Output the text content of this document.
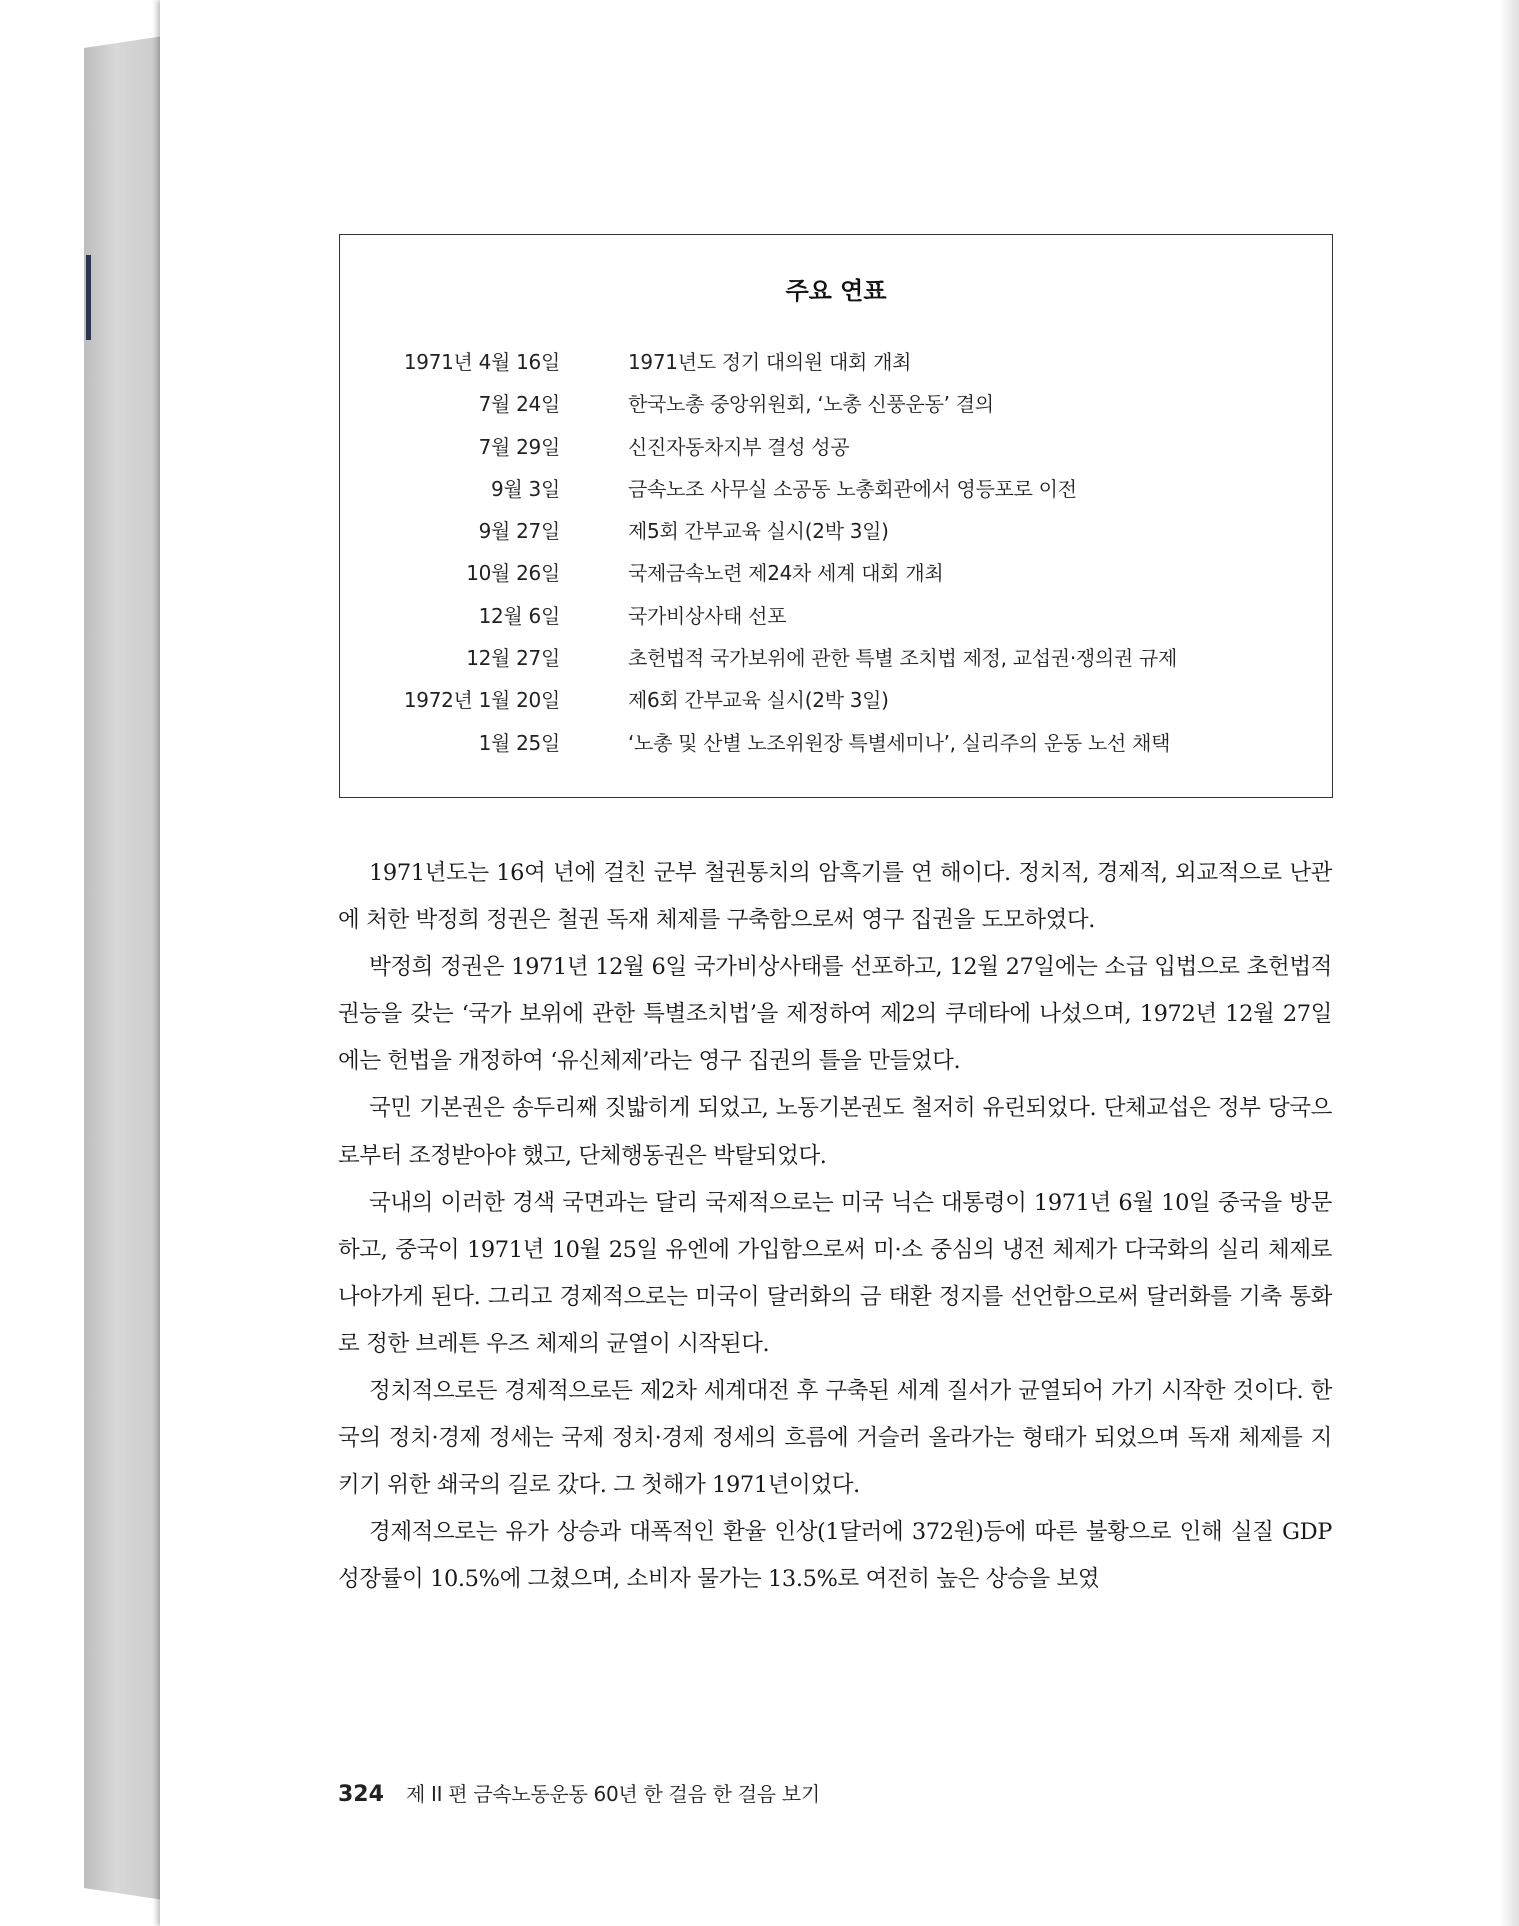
주요 연표
1971년 4월 16일	1971년도 정기 대의원 대회 개최
7월 24일	한국노총 중앙위원회, ‘노총 신풍운동’ 결의
7월 29일	신진자동차지부 결성 성공
9월 3일	금속노조 사무실 소공동 노총회관에서 영등포로 이전
9월 27일	제5회 간부교육 실시(2박 3일)
10월 26일	국제금속노련 제24차 세계 대회 개최
12월 6일	국가비상사태 선포
12월 27일	초헌법적 국가보위에 관한 특별 조치법 제정, 교섭권·쟁의권 규제
1972년 1월 20일	제6회 간부교육 실시(2박 3일)
1월 25일	‘노총 및 산별 노조위원장 특별세미나’, 실리주의 운동 노선 채택

1971년도는 16여 년에 걸친 군부 철권통치의 암흑기를 연 해이다. 정치적, 경제적, 외교적으로 난관에 처한 박정희 정권은 철권 독재 체제를 구축함으로써 영구 집권을 도모하였다.

박정희 정권은 1971년 12월 6일 국가비상사태를 선포하고, 12월 27일에는 소급 입법으로 초헌법적 권능을 갖는 ‘국가 보위에 관한 특별조치법’을 제정하여 제2의 쿠데타에 나섰으며, 1972년 12월 27일에는 헌법을 개정하여 ‘유신체제’라는 영구 집권의 틀을 만들었다.

국민 기본권은 송두리째 짓밟히게 되었고, 노동기본권도 철저히 유린되었다. 단체교섭은 정부 당국으로부터 조정받아야 했고, 단체행동권은 박탈되었다.

국내의 이러한 경색 국면과는 달리 국제적으로는 미국 닉슨 대통령이 1971년 6월 10일 중국을 방문하고, 중국이 1971년 10월 25일 유엔에 가입함으로써 미·소 중심의 냉전 체제가 다국화의 실리 체제로 나아가게 된다. 그리고 경제적으로는 미국이 달러화의 금 태환 정지를 선언함으로써 달러화를 기축 통화로 정한 브레튼 우즈 체제의 균열이 시작된다.

정치적으로든 경제적으로든 제2차 세계대전 후 구축된 세계 질서가 균열되어 가기 시작한 것이다. 한국의 정치·경제 정세는 국제 정치·경제 정세의 흐름에 거슬러 올라가는 형태가 되었으며 독재 체제를 지키기 위한 쇄국의 길로 갔다. 그 첫해가 1971년이었다.

경제적으로는 유가 상승과 대폭적인 환율 인상(1달러에 372원)등에 따른 불황으로 인해 실질 GDP 성장률이 10.5%에 그쳤으며, 소비자 물가는 13.5%로 여전히 높은 상승을 보였

324 제 II 편 금속노동운동 60년 한 걸음 한 걸음 보기
